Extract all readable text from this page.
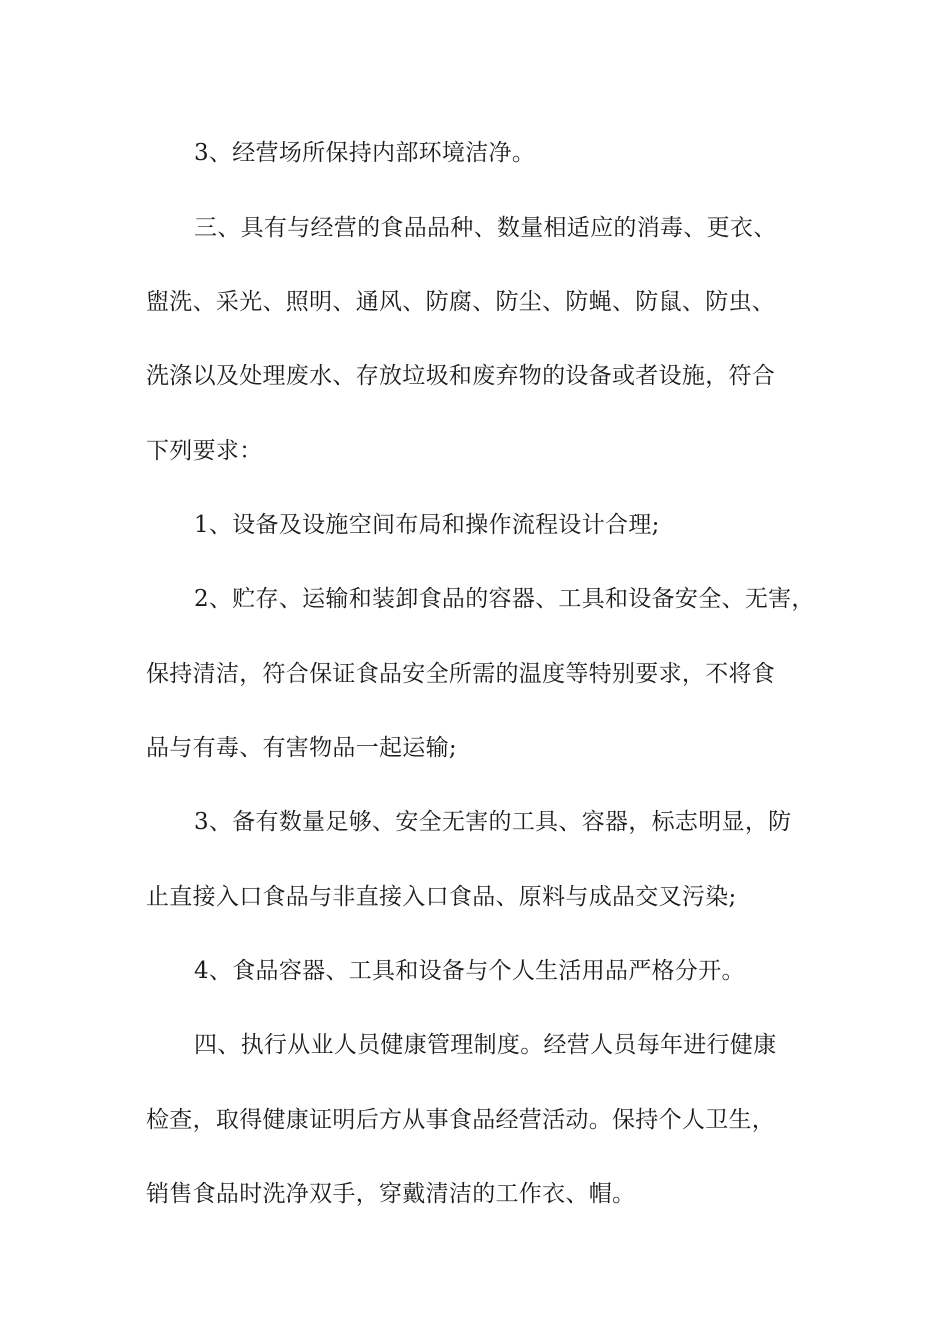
3、经营场所保持内部环境洁净。
三、具有与经营的食品品种、数量相适应的消毒、更衣、
盥洗、采光、照明、通风、防腐、防尘、防蝇、防鼠、防虫、
洗涤以及处理废水、存放垃圾和废弃物的设备或者设施，符合
下列要求：
1、设备及设施空间布局和操作流程设计合理;
2、贮存、运输和装卸食品的容器、工具和设备安全、无害，
保持清洁，符合保证食品安全所需的温度等特别要求，不将食
品与有毒、有害物品一起运输;
3、备有数量足够、安全无害的工具、容器，标志明显，防
止直接入口食品与非直接入口食品、原料与成品交叉污染;
4、食品容器、工具和设备与个人生活用品严格分开。
四、执行从业人员健康管理制度。经营人员每年进行健康
检查，取得健康证明后方从事食品经营活动。保持个人卫生，
销售食品时洗净双手，穿戴清洁的工作衣、帽。
